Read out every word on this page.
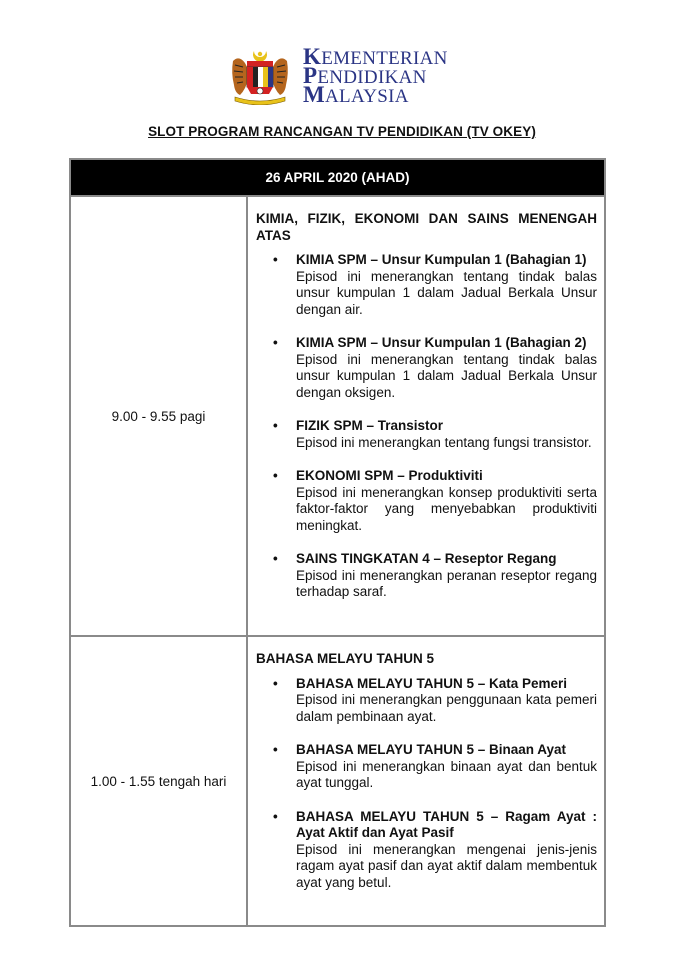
KEMENTERIAN
PENDIDIKAN
MALAYSIA
SLOT PROGRAM RANCANGAN TV PENDIDIKAN (TV OKEY)
26 APRIL 2020 (AHAD)	
9.00 - 9.55 pagi	
KIMIA, FIZIK, EKONOMI DAN SAINS MENENGAH ATAS
• KIMIA SPM – Unsur Kumpulan 1 (Bahagian 1)
Episod ini menerangkan tentang tindak balas unsur kumpulan 1 dalam Jadual Berkala Unsur dengan air.
• KIMIA SPM – Unsur Kumpulan 1 (Bahagian 2)
Episod ini menerangkan tentang tindak balas unsur kumpulan 1 dalam Jadual Berkala Unsur dengan oksigen.
• FIZIK SPM – Transistor
Episod ini menerangkan tentang fungsi transistor.
• EKONOMI SPM – Produktiviti
Episod ini menerangkan konsep produktiviti serta faktor-faktor yang menyebabkan produktiviti meningkat.
• SAINS TINGKATAN 4 – Reseptor Regang
Episod ini menerangkan peranan reseptor regang terhadap saraf.

1.00 - 1.55 tengah hari	
BAHASA MELAYU TAHUN 5
• BAHASA MELAYU TAHUN 5 – Kata Pemeri
Episod ini menerangkan penggunaan kata pemeri dalam pembinaan ayat.
• BAHASA MELAYU TAHUN 5 – Binaan Ayat
Episod ini menerangkan binaan ayat dan bentuk ayat tunggal.
• BAHASA MELAYU TAHUN 5 – Ragam Ayat : Ayat Aktif dan Ayat Pasif
Episod ini menerangkan mengenai jenis-jenis ragam ayat pasif dan ayat aktif dalam membentuk ayat yang betul.
